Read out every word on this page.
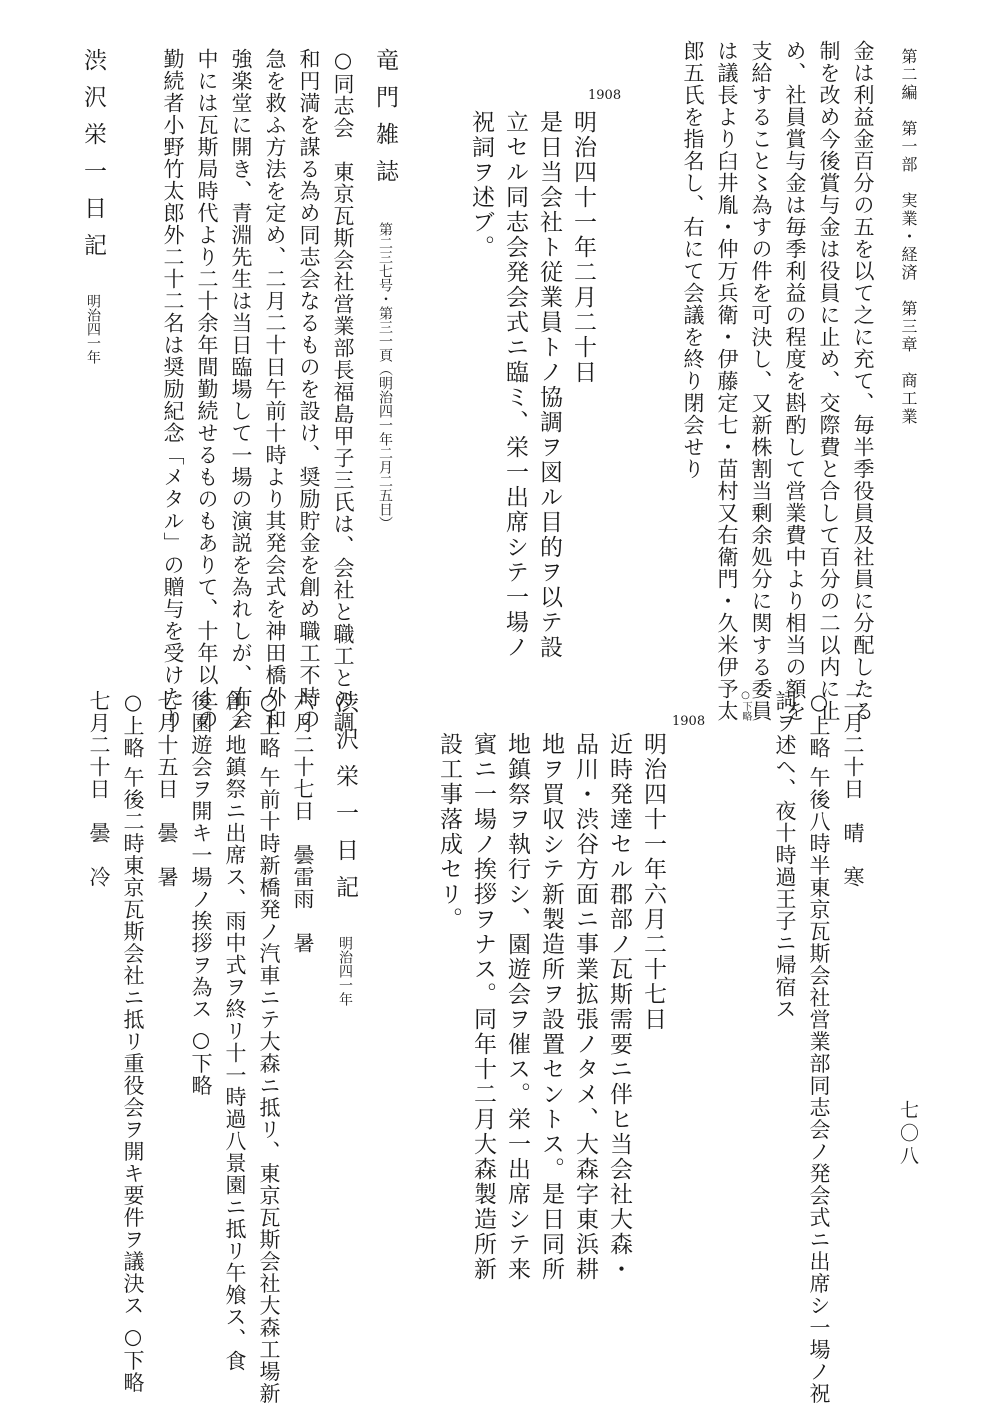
第二編　第一部　実業・経済　第三章　商工業
七〇八
金は利益金百分の五を以て之に充て、毎半季役員及社員に分配したる
制を改め今後賞与金は役員に止め、交際費と合して百分の二以内に止
め、社員賞与金は毎季利益の程度を斟酌して営業費中より相当の額を
支給すること〻為すの件を可決し、又新株割当剰余処分に関する委員
は議長より臼井胤・仲万兵衛・伊藤定七・苗村又右衛門・久米伊予太
郎五氏を指名し、右にて会議を終り閉会せり
1908
明治四十一年二月二十日
是日当会社ト従業員トノ協調ヲ図ル目的ヲ以テ設
立セル同志会発会式ニ臨ミ、栄一出席シテ一場ノ
祝詞ヲ述ブ。
竜門雑誌第二三七号・第三一頁（明治四一年二月二五日）
○同志会　東京瓦斯会社営業部長福島甲子三氏は、会社と職工との調
和円満を謀る為め同志会なるものを設け、奨励貯金を創め職工不時の
急を救ふ方法を定め、二月二十日午前十時より其発会式を神田橋外和
強楽堂に開き、青淵先生は当日臨場して一場の演説を為れしが、右会
中には瓦斯局時代より二十余年間勤続せるものもありて、十年以上の
勤続者小野竹太郎外二十二名は奨励紀念「メタル」の贈与を受けたり
渋沢栄一日記明治四一年
二月二十日　晴　寒
○上略 午後八時半東京瓦斯会社営業部同志会ノ発会式ニ出席シ一場ノ祝
詞ヲ述ヘ、夜十時過王子ニ帰宿ス
○下略
1908
明治四十一年六月二十七日
近時発達セル郡部ノ瓦斯需要ニ伴ヒ当会社大森・
品川・渋谷方面ニ事業拡張ノタメ、大森字東浜耕
地ヲ買収シテ新製造所ヲ設置セントス。是日同所
地鎮祭ヲ執行シ、園遊会ヲ催ス。栄一出席シテ来
賓ニ一場ノ挨拶ヲナス。同年十二月大森製造所新
設工事落成セリ。
渋沢栄一日記明治四一年
六月二十七日　曇雷雨　暑
○上略 午前十時新橋発ノ汽車ニテ大森ニ抵リ、東京瓦斯会社大森工場新
創ノ地鎮祭ニ出席ス、雨中式ヲ終リ十一時過八景園ニ抵リ午飧ス、食
後園遊会ヲ開キ一場ノ挨拶ヲ為ス ○下略
七月十五日　曇　暑
○上略 午後二時東京瓦斯会社ニ抵リ重役会ヲ開キ要件ヲ議決ス ○下略
七月二十日　曇　冷
